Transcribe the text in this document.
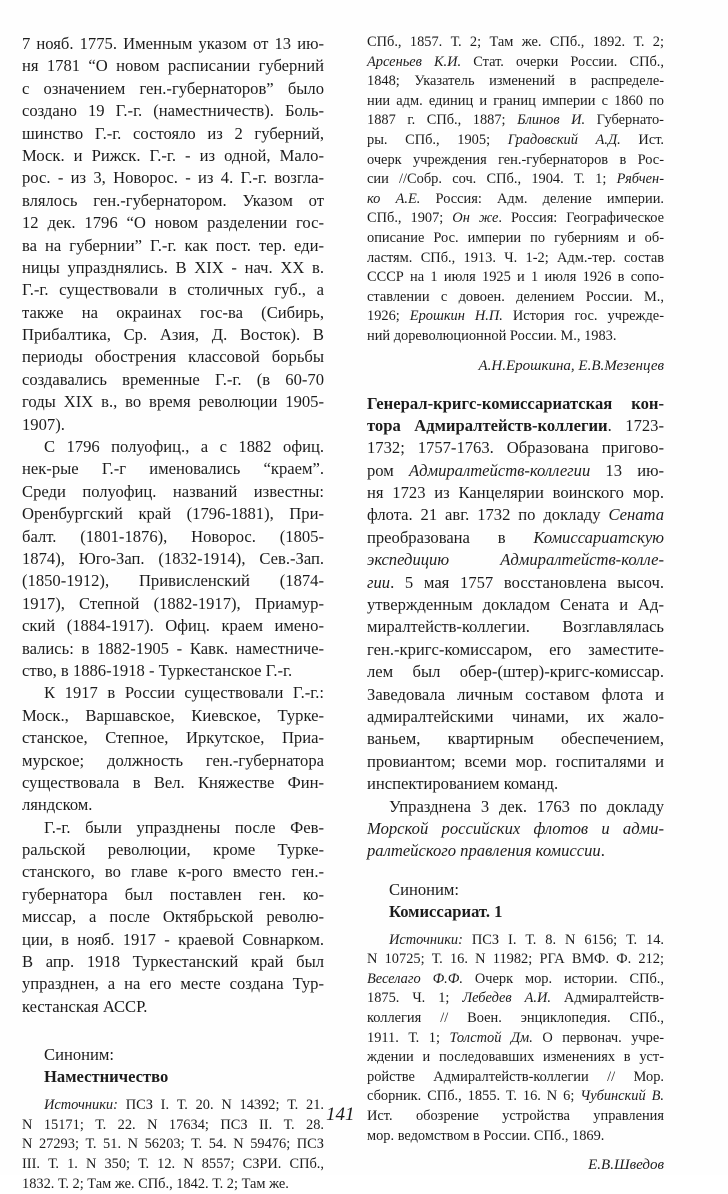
7 нояб. 1775. Именным указом от 13 ию-
ня 1781 “О новом расписании губерний
с означением ген.-губернаторов” было
создано 19 Г.-г. (наместничеств). Боль-
шинство Г.-г. состояло из 2 губерний,
Моск. и Рижск. Г.-г. - из одной, Мало-
рос. - из 3, Новорос. - из 4. Г.-г. возгла-
влялось ген.-губернатором. Указом от
12 дек. 1796 “О новом разделении гос-
ва на губернии” Г.-г. как пост. тер. еди-
ницы упразднялись. В XIX - нач. XX в.
Г.-г. существовали в столичных губ., а
также на окраинах гос-ва (Сибирь,
Прибалтика, Ср. Азия, Д. Восток). В
периоды обострения классовой борьбы
создавались временные Г.-г. (в 60-70
годы XIX в., во время революции 1905-
1907).
С 1796 полуофиц., а с 1882 офиц.
нек-рые Г.-г именовались “краем”.
Среди полуофиц. названий известны:
Оренбургский край (1796-1881), При-
балт. (1801-1876), Новорос. (1805-
1874), Юго-Зап. (1832-1914), Сев.-Зап.
(1850-1912), Привисленский (1874-
1917), Степной (1882-1917), Приамур-
ский (1884-1917). Офиц. краем имено-
вались: в 1882-1905 - Кавк. наместниче-
ство, в 1886-1918 - Туркестанское Г.-г.
К 1917 в России существовали Г.-г.:
Моск., Варшавское, Киевское, Турке-
станское, Степное, Иркутское, Приа-
мурское; должность ген.-губернатора
существовала в Вел. Княжестве Фин-
ляндском.
Г.-г. были упразднены после Фев-
ральской революции, кроме Турке-
станского, во главе к-рого вместо ген.-
губернатора был поставлен ген. ко-
миссар, а после Октябрьской револю-
ции, в нояб. 1917 - краевой Совнарком.
В апр. 1918 Туркестанский край был
упразднен, а на его месте создана Тур-
кестанская АССР.
Синоним:
Наместничество
Источники: ПСЗ I. Т. 20. N 14392; Т. 21.
N 15171; Т. 22. N 17634; ПСЗ II. Т. 28.
N 27293; Т. 51. N 56203; Т. 54. N 59476; ПСЗ
III. Т. 1. N 350; Т. 12. N 8557; СЗРИ. СПб.,
1832. Т. 2; Там же. СПб., 1842. Т. 2; Там же.
СПб., 1857. Т. 2; Там же. СПб., 1892. Т. 2;
Арсеньев К.И. Стат. очерки России. СПб.,
1848; Указатель изменений в распределе-
нии адм. единиц и границ империи с 1860 по
1887 г. СПб., 1887; Блинов И. Губернато-
ры. СПб., 1905; Градовский А.Д. Ист.
очерк учреждения ген.-губернаторов в Рос-
сии //Собр. соч. СПб., 1904. Т. 1; Рябчен-
ко А.Е. Россия: Адм. деление империи.
СПб., 1907; Он же. Россия: Географическое
описание Рос. империи по губерниям и об-
ластям. СПб., 1913. Ч. 1-2; Адм.-тер. состав
СССР на 1 июля 1925 и 1 июля 1926 в сопо-
ставлении с довоен. делением России. М.,
1926; Ерошкин Н.П. История гос. учрежде-
ний дореволюционной России. М., 1983.
А.Н.Ерошкина, Е.В.Мезенцев
Генерал-кригс-комиссариатская кон-
тора Адмиралтейств-коллегии. 1723-
1732; 1757-1763. Образована пригово-
ром Адмиралтейств-коллегии 13 ию-
ня 1723 из Канцелярии воинского мор.
флота. 21 авг. 1732 по докладу Сената
преобразована в Комиссариатскую
экспедицию Адмиралтейств-колле-
гии. 5 мая 1757 восстановлена высоч.
утвержденным докладом Сената и Ад-
миралтейств-коллегии. Возглавлялась
ген.-кригс-комиссаром, его заместите-
лем был обер-(штер)-кригс-комиссар.
Заведовала личным составом флота и
адмиралтейскими чинами, их жало-
ваньем, квартирным обеспечением,
провиантом; всеми мор. госпиталями и
инспектированием команд.
Упразднена 3 дек. 1763 по докладу
Морской российских флотов и адми-
ралтейского правления комиссии.
Синоним:
Комиссариат. 1
Источники: ПСЗ I. Т. 8. N 6156; Т. 14.
N 10725; Т. 16. N 11982; РГА ВМФ. Ф. 212;
Веселаго Ф.Ф. Очерк мор. истории. СПб.,
1875. Ч. 1; Лебедев А.И. Адмиралтейств-
коллегия // Воен. энциклопедия. СПб.,
1911. Т. 1; Толстой Дм. О первонач. учре-
ждении и последовавших изменениях в уст-
ройстве Адмиралтейств-коллегии // Мор.
сборник. СПб., 1855. Т. 16. N 6; Чубинский В.
Ист. обозрение устройства управления
мор. ведомством в России. СПб., 1869.
Е.В.Шведов
141
